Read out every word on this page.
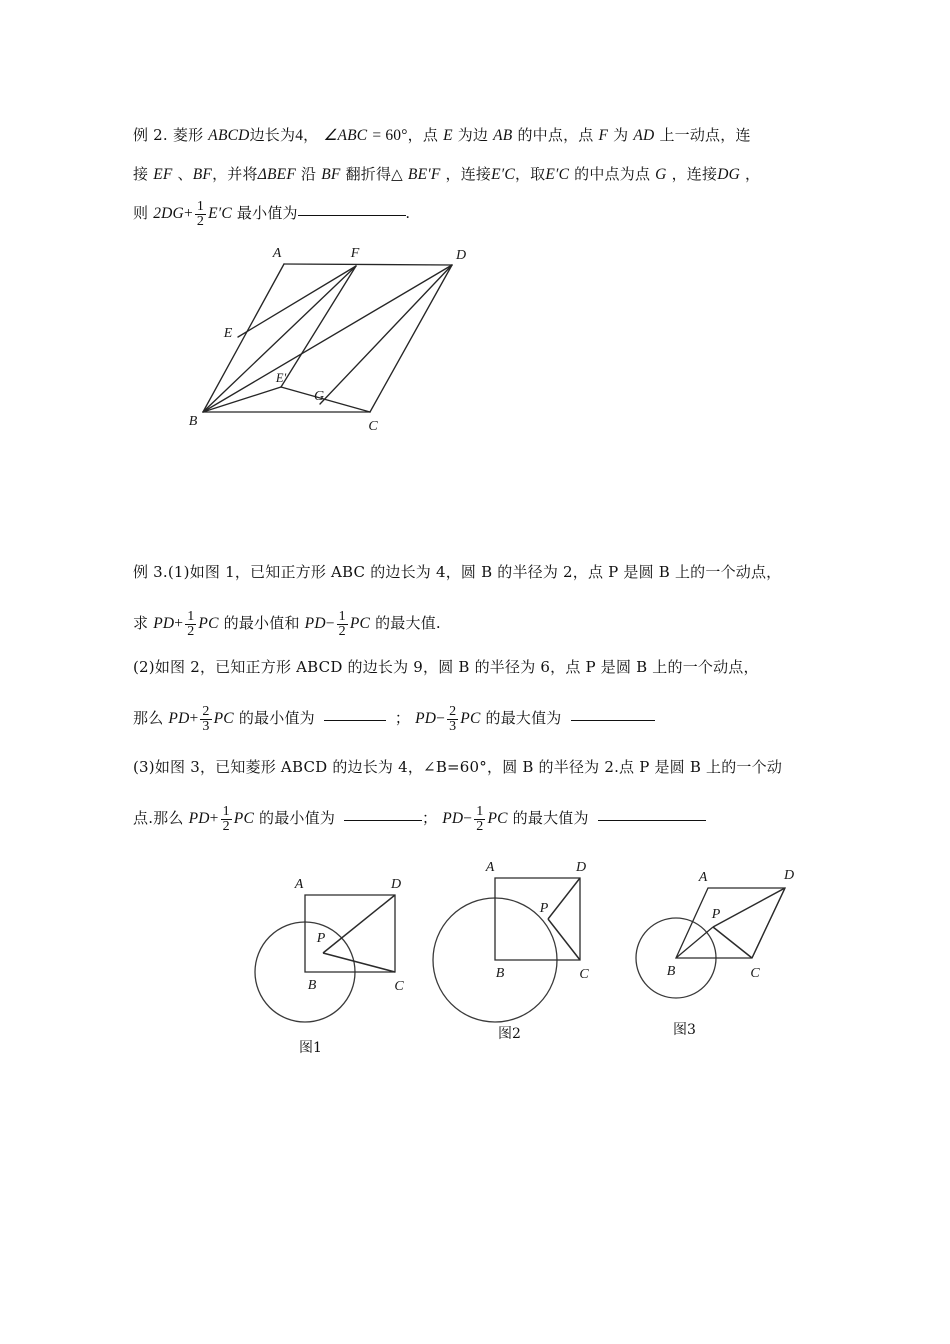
例 2. 菱形 ABCD边长为4， ∠ABC = 60°，点 E 为边 AB 的中点，点 F 为 AD 上一动点，连
接 EF 、BF，并将ΔBEF 沿 BF 翻折得△ BE′F ，连接E′C，取E′C 的中点为点 G ，连接DG ，
则 $2DG+ \frac{1}{2} E'C$ 最小值为	.
A	F	D
E
E'
G
B	C
例 3.(1)如图 1，已知正方形 ABC 的边长为 4，圆 B 的半径为 2，点 P 是圆 B 上的一个动点，
求 $PD+ \frac{1}{2}$ PC 的最小值和 $PD- \frac{1}{2}$ PC 的最大值.
(2)如图 2，已知正方形 ABCD 的边长为 9，圆 B 的半径为 6，点 P 是圆 B 上的一个动点，
那么 $PD+ \frac{2}{3}$ PC 的最小值为	； $PD- \frac{2}{3}$ PC 的最大值为
(3)如图 3，已知菱形 ABCD 的边长为 4，∠B=60°，圆 B 的半径为 2.点 P 是圆 B 上的一个动
点.那么 $PD+ \frac{1}{2}$ PC 的最小值为	； $PD- \frac{1}{2}$ PC 的最大值为
A	D
B	C
P
A	D
B	C
P
A	D
B	C
P
图1
图2	图3
